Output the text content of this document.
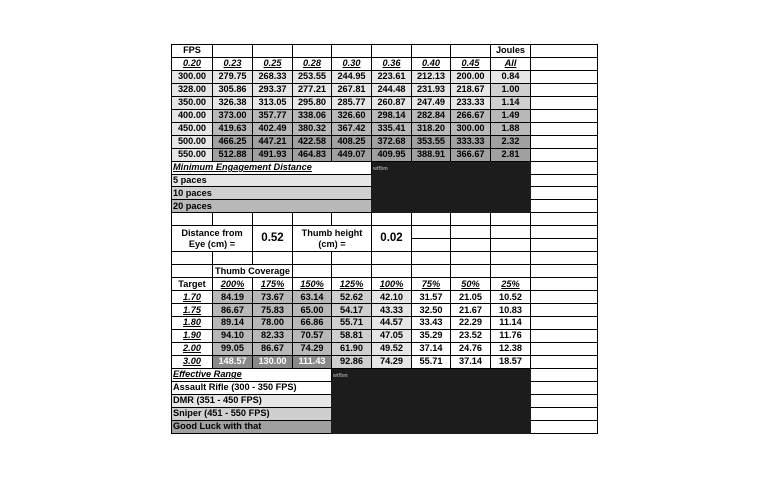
FPS								Joules	
0.20	0.23	0.25	0.28	0.30	0.36	0.40	0.45	All	
300.00	279.75	268.33	253.55	244.95	223.61	212.13	200.00	0.84	
328.00	305.86	293.37	277.21	267.81	244.48	231.93	218.67	1.00	
350.00	326.38	313.05	295.80	285.77	260.87	247.49	233.33	1.14	
400.00	373.00	357.77	338.06	326.60	298.14	282.84	266.67	1.49	
450.00	419.63	402.49	380.32	367.42	335.41	318.20	300.00	1.88	
500.00	466.25	447.21	422.58	408.25	372.68	353.55	333.33	2.32	
550.00	512.88	491.93	464.83	449.07	409.95	388.91	366.67	2.81	
Minimum Engagement Distance					wtfbm				
5 paces									
10 paces									
20 paces									

Distance from Eye (cm) =		0.52	Thumb height (cm) =		0.02				

	Thumb Coverage								
Target	200%	175%	150%	125%	100%	75%	50%	25%	
1.70	84.19	73.67	63.14	52.62	42.10	31.57	21.05	10.52	
1.75	86.67	75.83	65.00	54.17	43.33	32.50	21.67	10.83	
1.80	89.14	78.00	66.86	55.71	44.57	33.43	22.29	11.14	
1.90	94.10	82.33	70.57	58.81	47.05	35.29	23.52	11.76	
2.00	99.05	86.67	74.29	61.90	49.52	37.14	24.76	12.38	
3.00	148.57	130.00	111.43	92.86	74.29	55.71	37.14	18.57	
Effective Range				wtfbm					
Assault Rifle (300 - 350 FPS)									
DMR (351 - 450 FPS)									
Sniper (451 - 550 FPS)									
Good Luck with that									
